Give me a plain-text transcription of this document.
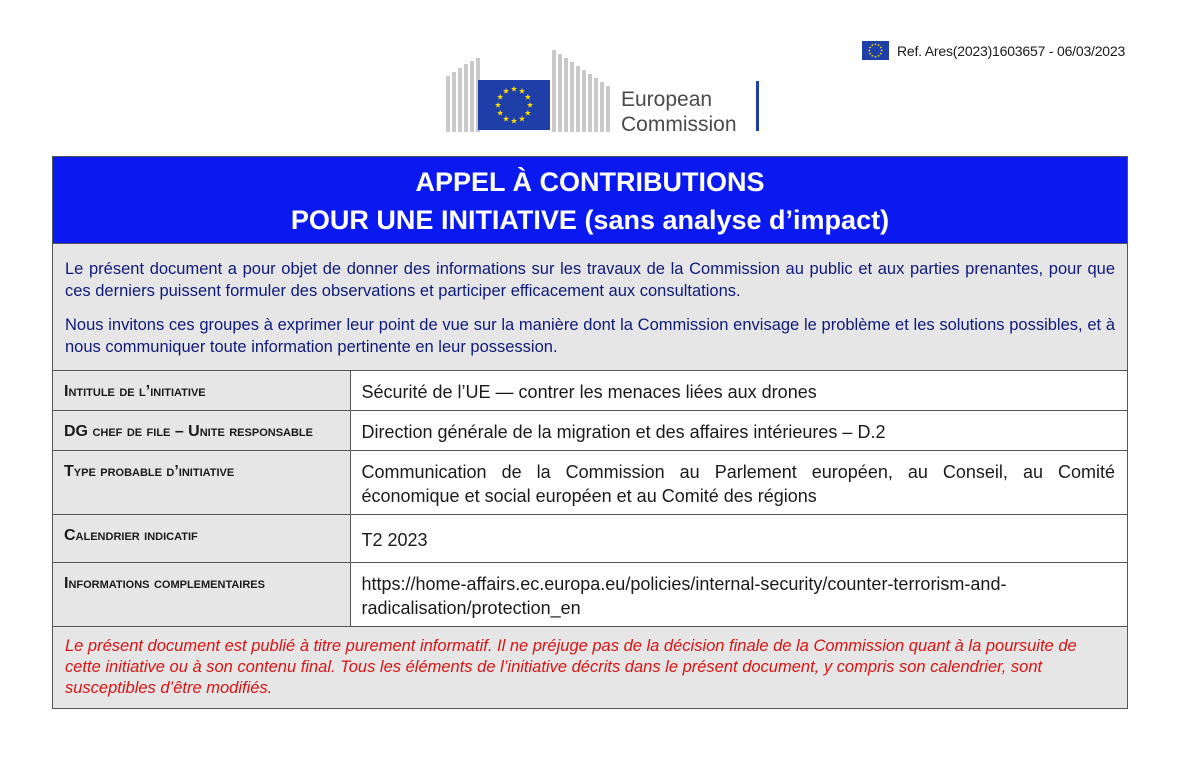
Ref. Ares(2023)1603657 - 06/03/2023
European
Commission
APPEL À CONTRIBUTIONS
POUR UNE INITIATIVE (sans analyse d’impact)

Le présent document a pour objet de donner des informations sur les travaux de la Commission au public et aux parties prenantes, pour que ces derniers puissent formuler des observations et participer efficacement aux consultations.

Nous invitons ces groupes à exprimer leur point de vue sur la manière dont la Commission envisage le problème et les solutions possibles, et à nous communiquer toute information pertinente en leur possession.

Intitule de l’initiative	Sécurité de l’UE — contrer les menaces liées aux drones
DG chef de file – Unite responsable	Direction générale de la migration et des affaires intérieures – D.2
Type probable d’initiative	Communication de la Commission au Parlement européen, au Conseil, au Comité économique et social européen et au Comité des régions
Calendrier indicatif	T2 2023
Informations complementaires	https://home-affairs.ec.europa.eu/policies/internal-security/counter-terrorism-and-radicalisation/protection_en
Le présent document est publié à titre purement informatif. Il ne préjuge pas de la décision finale de la Commission quant à la poursuite de cette initiative ou à son contenu final. Tous les éléments de l’initiative décrits dans le présent document, y compris son calendrier, sont susceptibles d’être modifiés.
